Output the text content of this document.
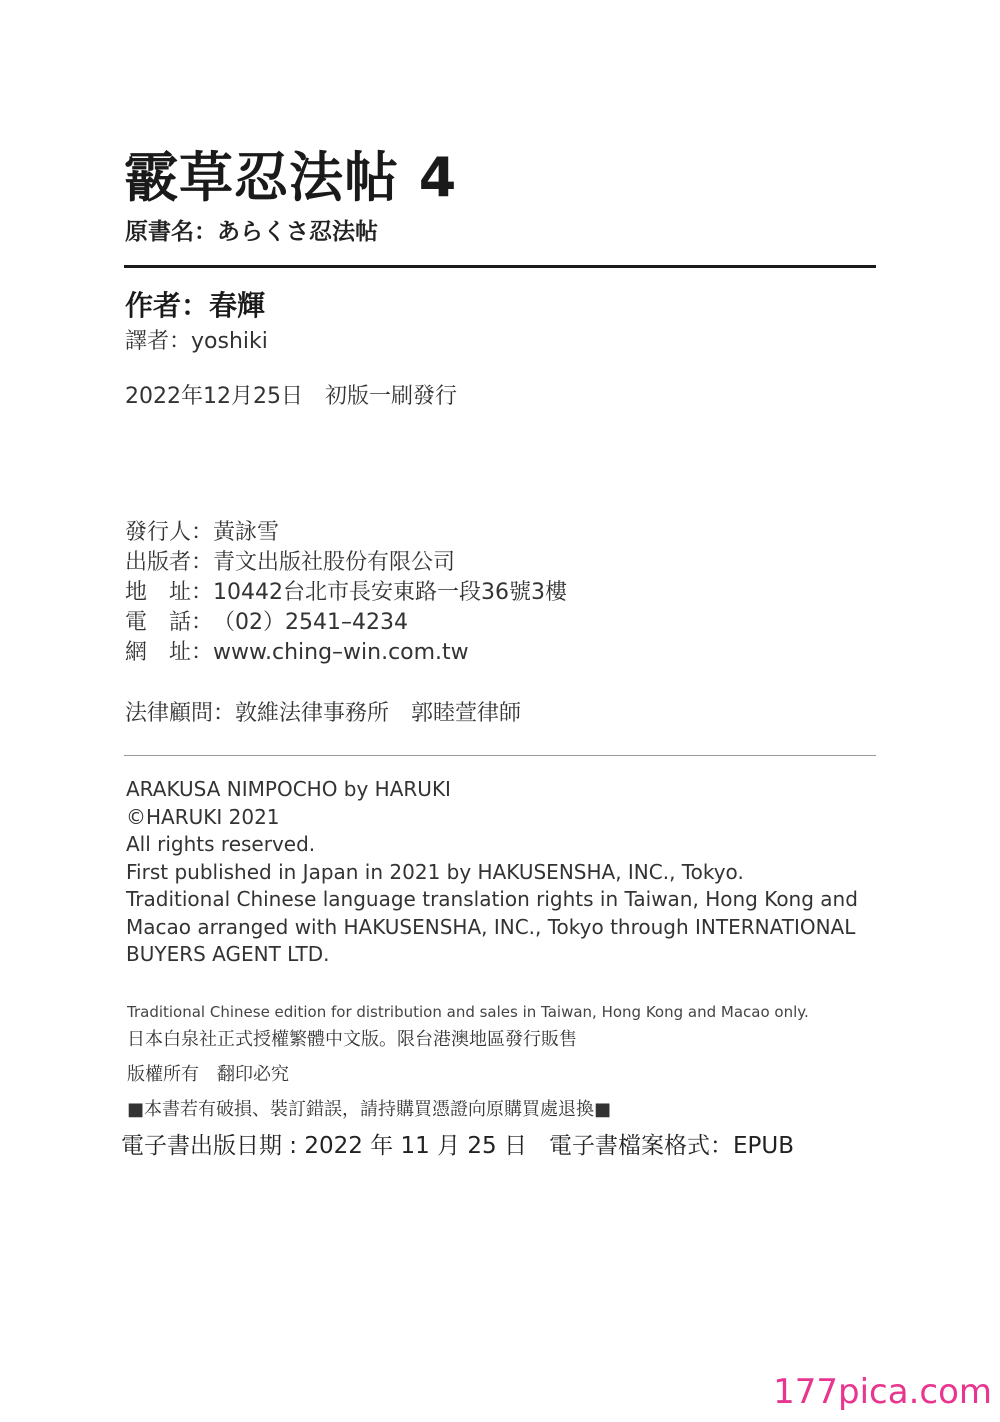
霰草忍法帖 4
原書名：あらくさ忍法帖
作者：春輝
譯者：yoshiki
2022年12月25日　初版一刷發行
發行人： 黃詠雪
出版者： 青文出版社股份有限公司
地　址： 10442台北市長安東路一段36號3樓
電　話： （02）2541–4234
網　址： www.ching–win.com.tw
法律顧問：敦維法律事務所　郭睦萱律師
ARAKUSA NIMPOCHO by HARUKI
©HARUKI 2021
All rights reserved.
First published in Japan in 2021 by HAKUSENSHA, INC., Tokyo.
Traditional Chinese language translation rights in Taiwan, Hong Kong and
Macao arranged with HAKUSENSHA, INC., Tokyo through INTERNATIONAL
BUYERS AGENT LTD.
Traditional Chinese edition for distribution and sales in Taiwan, Hong Kong and Macao only.
日本白泉社正式授權繁體中文版。限台港澳地區發行販售
版權所有　翻印必究
■本書若有破損、裝訂錯誤，請持購買憑證向原購買處退換■
電子書出版日期 : 2022 年 11 月 25 日 電子書檔案格式：EPUB
177pica.com
